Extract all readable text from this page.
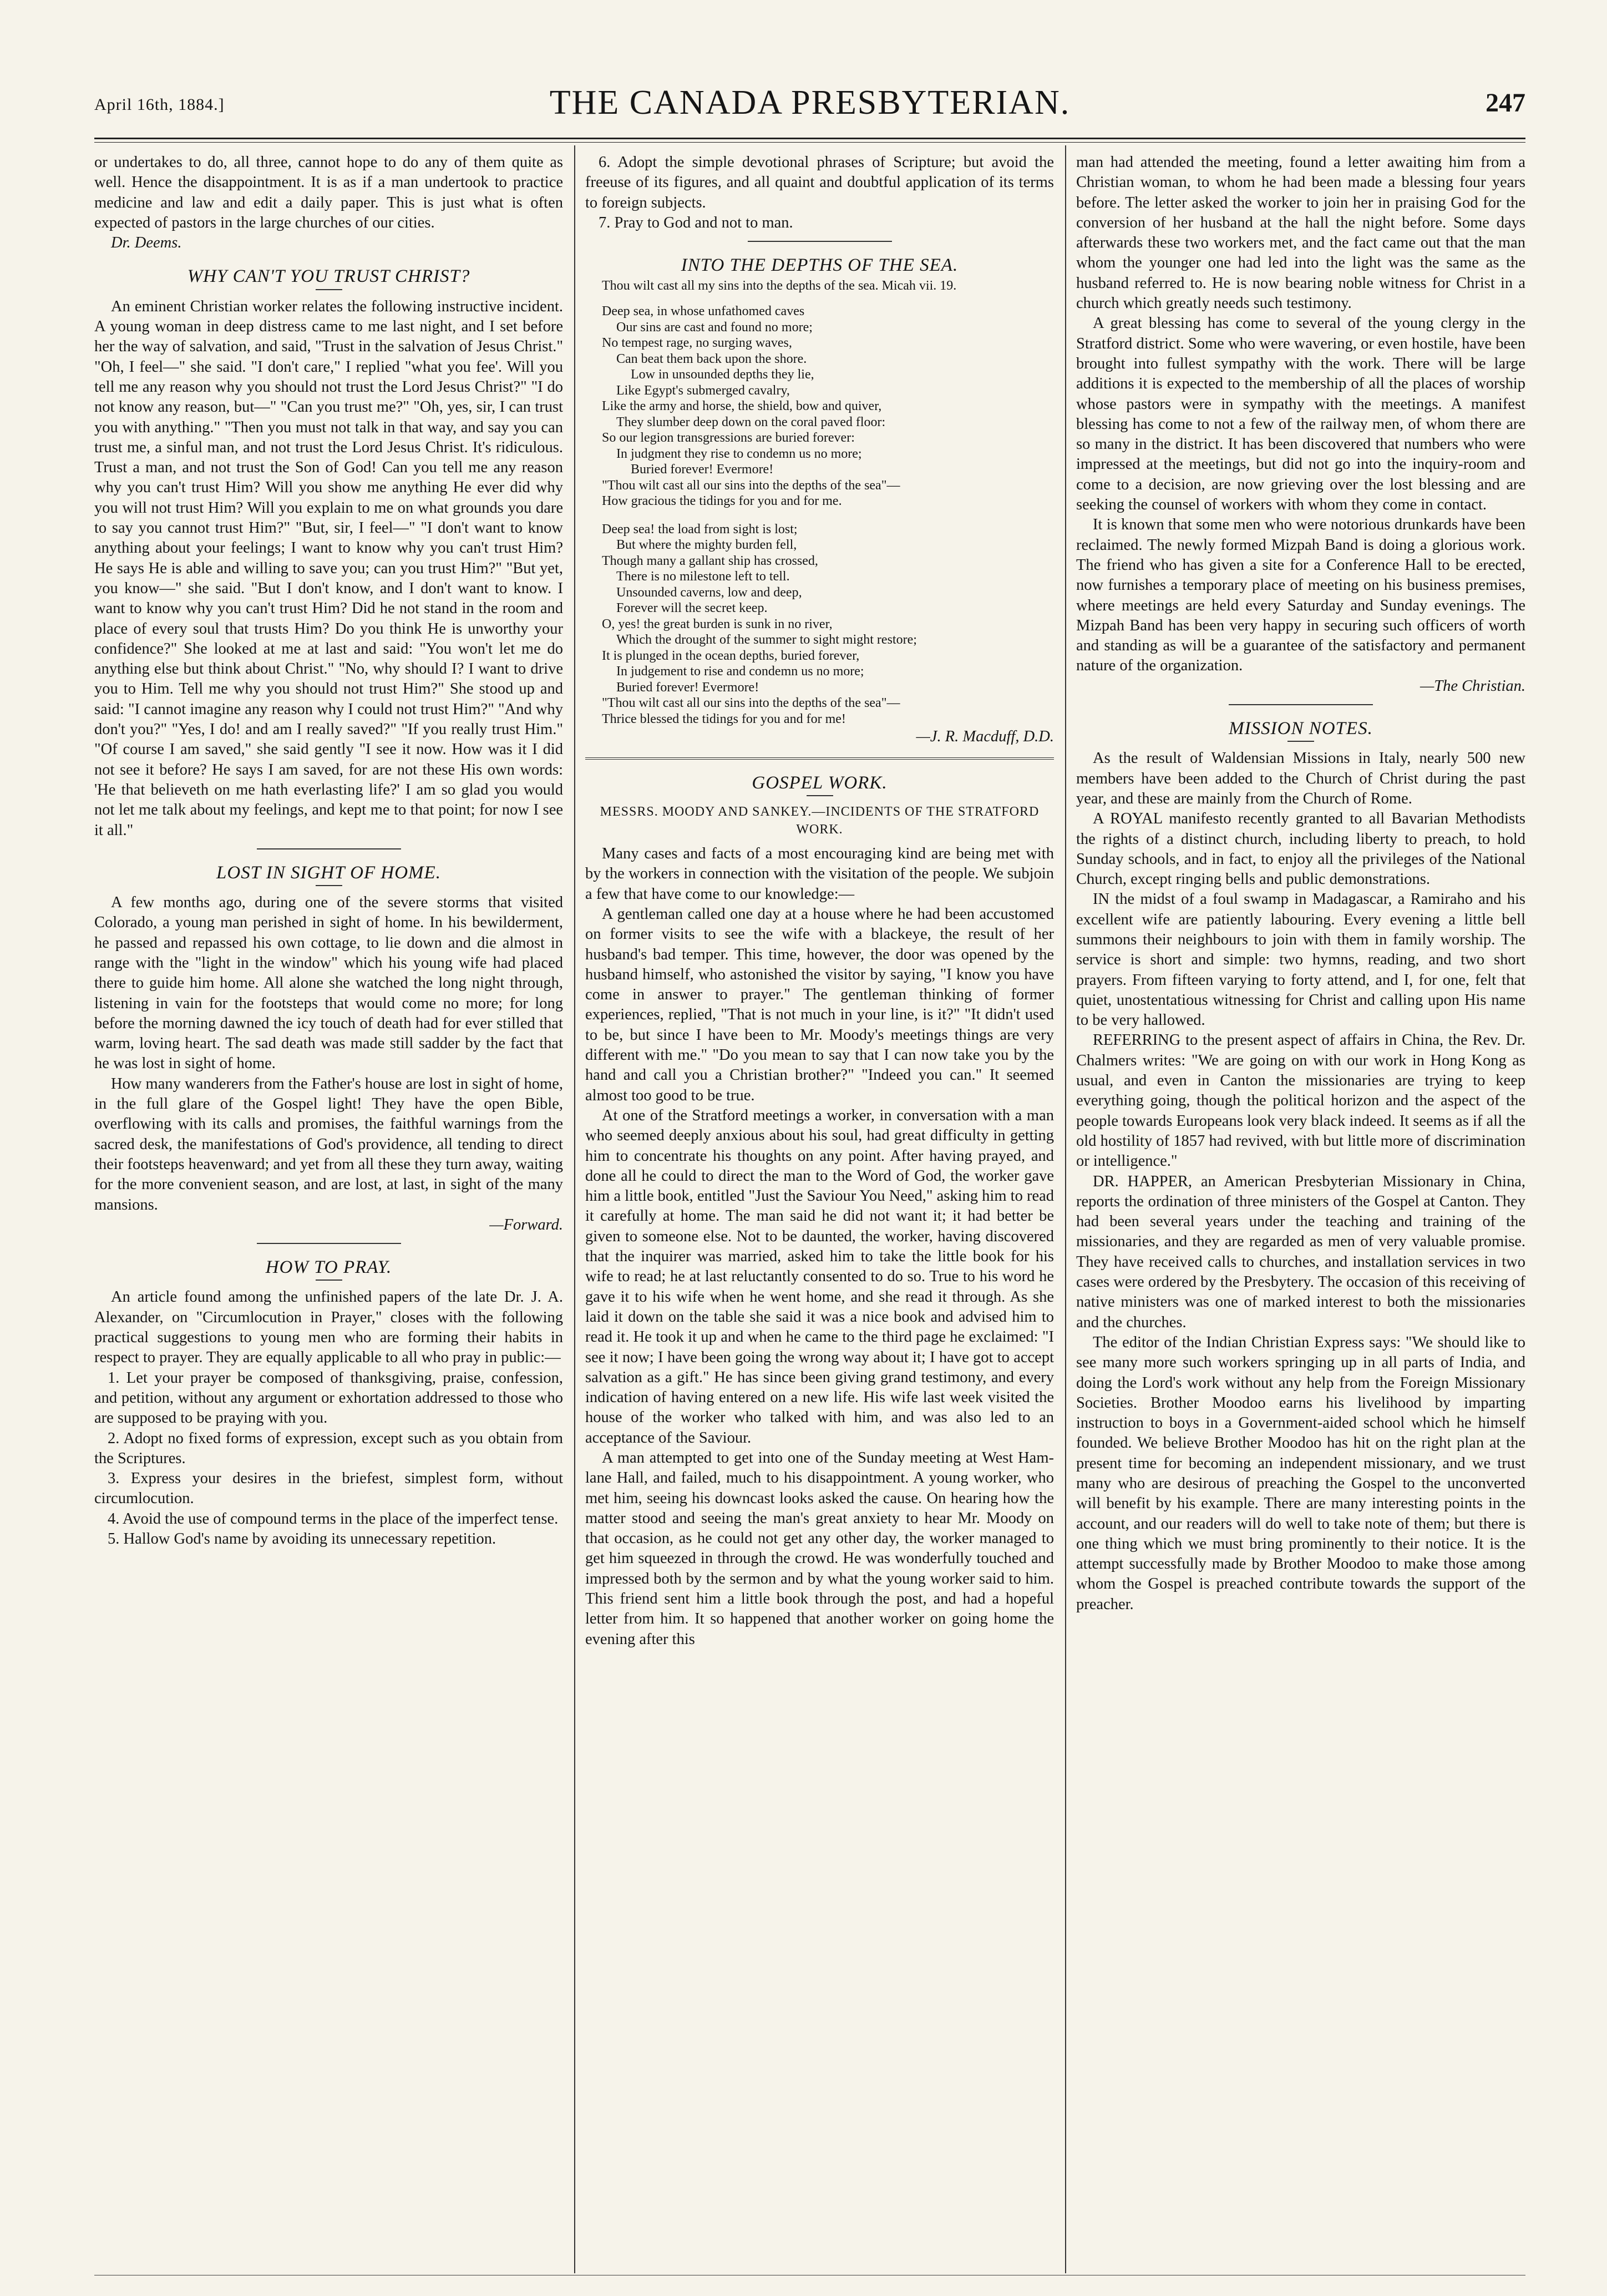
April 16th, 1884.]	THE CANADA PRESBYTERIAN.	247

or undertakes to do, all three, cannot hope to do any of them quite as well. Hence the disappointment. It is as if a man undertook to practice medicine and law and edit a daily paper. This is just what is often expected of pastors in the large churches of our cities.

Dr. Deems.

WHY CAN'T YOU TRUST CHRIST?

An eminent Christian worker relates the following instructive incident. A young woman in deep distress came to me last night, and I set before her the way of salvation, and said, "Trust in the salvation of Jesus Christ." "Oh, I feel—" she said. "I don't care," I replied "what you fee'. Will you tell me any reason why you should not trust the Lord Jesus Christ?" "I do not know any reason, but—" "Can you trust me?" "Oh, yes, sir, I can trust you with anything." "Then you must not talk in that way, and say you can trust me, a sinful man, and not trust the Lord Jesus Christ. It's ridiculous. Trust a man, and not trust the Son of God! Can you tell me any reason why you can't trust Him? Will you show me anything He ever did why you will not trust Him? Will you explain to me on what grounds you dare to say you cannot trust Him?" "But, sir, I feel—" "I don't want to know anything about your feelings; I want to know why you can't trust Him? He says He is able and willing to save you; can you trust Him?" "But yet, you know—" she said. "But I don't know, and I don't want to know. I want to know why you can't trust Him? Did he not stand in the room and place of every soul that trusts Him? Do you think He is unworthy your confidence?" She looked at me at last and said: "You won't let me do anything else but think about Christ." "No, why should I? I want to drive you to Him. Tell me why you should not trust Him?" She stood up and said: "I cannot imagine any reason why I could not trust Him?" "And why don't you?" "Yes, I do! and am I really saved?" "If you really trust Him." "Of course I am saved," she said gently "I see it now. How was it I did not see it before? He says I am saved, for are not these His own words: 'He that believeth on me hath everlasting life?' I am so glad you would not let me talk about my feelings, and kept me to that point; for now I see it all."

LOST IN SIGHT OF HOME.

A few months ago, during one of the severe storms that visited Colorado, a young man perished in sight of home. In his bewilderment, he passed and repassed his own cottage, to lie down and die almost in range with the "light in the window" which his young wife had placed there to guide him home. All alone she watched the long night through, listening in vain for the footsteps that would come no more; for long before the morning dawned the icy touch of death had for ever stilled that warm, loving heart. The sad death was made still sadder by the fact that he was lost in sight of home.

How many wanderers from the Father's house are lost in sight of home, in the full glare of the Gospel light! They have the open Bible, overflowing with its calls and promises, the faithful warnings from the sacred desk, the manifestations of God's providence, all tending to direct their footsteps heavenward; and yet from all these they turn away, waiting for the more convenient season, and are lost, at last, in sight of the many mansions.

—Forward.

HOW TO PRAY.

An article found among the unfinished papers of the late Dr. J. A. Alexander, on "Circumlocution in Prayer," closes with the following practical suggestions to young men who are forming their habits in respect to prayer. They are equally applicable to all who pray in public:—

1. Let your prayer be composed of thanksgiving, praise, confession, and petition, without any argument or exhortation addressed to those who are supposed to be praying with you.

2. Adopt no fixed forms of expression, except such as you obtain from the Scriptures.

3. Express your desires in the briefest, simplest form, without circumlocution.

4. Avoid the use of compound terms in the place of the imperfect tense.

5. Hallow God's name by avoiding its unnecessary repetition.

6. Adopt the simple devotional phrases of Scripture; but avoid the freeuse of its figures, and all quaint and doubtful application of its terms to foreign subjects.

7. Pray to God and not to man.

INTO THE DEPTHS OF THE SEA.
Thou wilt cast all my sins into the depths of the sea. Micah vii. 19.
Deep sea, in whose unfathomed caves
Our sins are cast and found no more;
No tempest rage, no surging waves,
Can beat them back upon the shore.
Low in unsounded depths they lie,
Like Egypt's submerged cavalry,
Like the army and horse, the shield, bow and quiver,
They slumber deep down on the coral paved floor:
So our legion transgressions are buried forever:
In judgment they rise to condemn us no more;
Buried forever! Evermore!
"Thou wilt cast all our sins into the depths of the sea"—
How gracious the tidings for you and for me.
Deep sea! the load from sight is lost;
But where the mighty burden fell,
Though many a gallant ship has crossed,
There is no milestone left to tell.
Unsounded caverns, low and deep,
Forever will the secret keep.
O, yes! the great burden is sunk in no river,
Which the drought of the summer to sight might restore;
It is plunged in the ocean depths, buried forever,
In judgement to rise and condemn us no more;
Buried forever! Evermore!
"Thou wilt cast all our sins into the depths of the sea"—
Thrice blessed the tidings for you and for me!

—J. R. Macduff, D.D.

GOSPEL WORK.
MESSRS. MOODY AND SANKEY.—INCIDENTS OF THE STRATFORD WORK.

Many cases and facts of a most encouraging kind are being met with by the workers in connection with the visitation of the people. We subjoin a few that have come to our knowledge:—

A gentleman called one day at a house where he had been accustomed on former visits to see the wife with a blackeye, the result of her husband's bad temper. This time, however, the door was opened by the husband himself, who astonished the visitor by saying, "I know you have come in answer to prayer." The gentleman thinking of former experiences, replied, "That is not much in your line, is it?" "It didn't used to be, but since I have been to Mr. Moody's meetings things are very different with me." "Do you mean to say that I can now take you by the hand and call you a Christian brother?" "Indeed you can." It seemed almost too good to be true.

At one of the Stratford meetings a worker, in conversation with a man who seemed deeply anxious about his soul, had great difficulty in getting him to concentrate his thoughts on any point. After having prayed, and done all he could to direct the man to the Word of God, the worker gave him a little book, entitled "Just the Saviour You Need," asking him to read it carefully at home. The man said he did not want it; it had better be given to someone else. Not to be daunted, the worker, having discovered that the inquirer was married, asked him to take the little book for his wife to read; he at last reluctantly consented to do so. True to his word he gave it to his wife when he went home, and she read it through. As she laid it down on the table she said it was a nice book and advised him to read it. He took it up and when he came to the third page he exclaimed: "I see it now; I have been going the wrong way about it; I have got to accept salvation as a gift." He has since been giving grand testimony, and every indication of having entered on a new life. His wife last week visited the house of the worker who talked with him, and was also led to an acceptance of the Saviour.

A man attempted to get into one of the Sunday meeting at West Ham-lane Hall, and failed, much to his disappointment. A young worker, who met him, seeing his downcast looks asked the cause. On hearing how the matter stood and seeing the man's great anxiety to hear Mr. Moody on that occasion, as he could not get any other day, the worker managed to get him squeezed in through the crowd. He was wonderfully touched and impressed both by the sermon and by what the young worker said to him. This friend sent him a little book through the post, and had a hopeful letter from him. It so happened that another worker on going home the evening after this

man had attended the meeting, found a letter awaiting him from a Christian woman, to whom he had been made a blessing four years before. The letter asked the worker to join her in praising God for the conversion of her husband at the hall the night before. Some days afterwards these two workers met, and the fact came out that the man whom the younger one had led into the light was the same as the husband referred to. He is now bearing noble witness for Christ in a church which greatly needs such testimony.

A great blessing has come to several of the young clergy in the Stratford district. Some who were wavering, or even hostile, have been brought into fullest sympathy with the work. There will be large additions it is expected to the membership of all the places of worship whose pastors were in sympathy with the meetings. A manifest blessing has come to not a few of the railway men, of whom there are so many in the district. It has been discovered that numbers who were impressed at the meetings, but did not go into the inquiry-room and come to a decision, are now grieving over the lost blessing and are seeking the counsel of workers with whom they come in contact.

It is known that some men who were notorious drunkards have been reclaimed. The newly formed Mizpah Band is doing a glorious work. The friend who has given a site for a Conference Hall to be erected, now furnishes a temporary place of meeting on his business premises, where meetings are held every Saturday and Sunday evenings. The Mizpah Band has been very happy in securing such officers of worth and standing as will be a guarantee of the satisfactory and permanent nature of the organization.

—The Christian.

MISSION NOTES.

As the result of Waldensian Missions in Italy, nearly 500 new members have been added to the Church of Christ during the past year, and these are mainly from the Church of Rome.

A ROYAL manifesto recently granted to all Bavarian Methodists the rights of a distinct church, including liberty to preach, to hold Sunday schools, and in fact, to enjoy all the privileges of the National Church, except ringing bells and public demonstrations.

IN the midst of a foul swamp in Madagascar, a Ramiraho and his excellent wife are patiently labouring. Every evening a little bell summons their neighbours to join with them in family worship. The service is short and simple: two hymns, reading, and two short prayers. From fifteen varying to forty attend, and I, for one, felt that quiet, unostentatious witnessing for Christ and calling upon His name to be very hallowed.

REFERRING to the present aspect of affairs in China, the Rev. Dr. Chalmers writes: "We are going on with our work in Hong Kong as usual, and even in Canton the missionaries are trying to keep everything going, though the political horizon and the aspect of the people towards Europeans look very black indeed. It seems as if all the old hostility of 1857 had revived, with but little more of discrimination or intelligence."

DR. HAPPER, an American Presbyterian Missionary in China, reports the ordination of three ministers of the Gospel at Canton. They had been several years under the teaching and training of the missionaries, and they are regarded as men of very valuable promise. They have received calls to churches, and installation services in two cases were ordered by the Presbytery. The occasion of this receiving of native ministers was one of marked interest to both the missionaries and the churches.

The editor of the Indian Christian Express says: "We should like to see many more such workers springing up in all parts of India, and doing the Lord's work without any help from the Foreign Missionary Societies. Brother Moodoo earns his livelihood by imparting instruction to boys in a Government-aided school which he himself founded. We believe Brother Moodoo has hit on the right plan at the present time for becoming an independent missionary, and we trust many who are desirous of preaching the Gospel to the unconverted will benefit by his example. There are many interesting points in the account, and our readers will do well to take note of them; but there is one thing which we must bring prominently to their notice. It is the attempt successfully made by Brother Moodoo to make those among whom the Gospel is preached contribute towards the support of the preacher.
